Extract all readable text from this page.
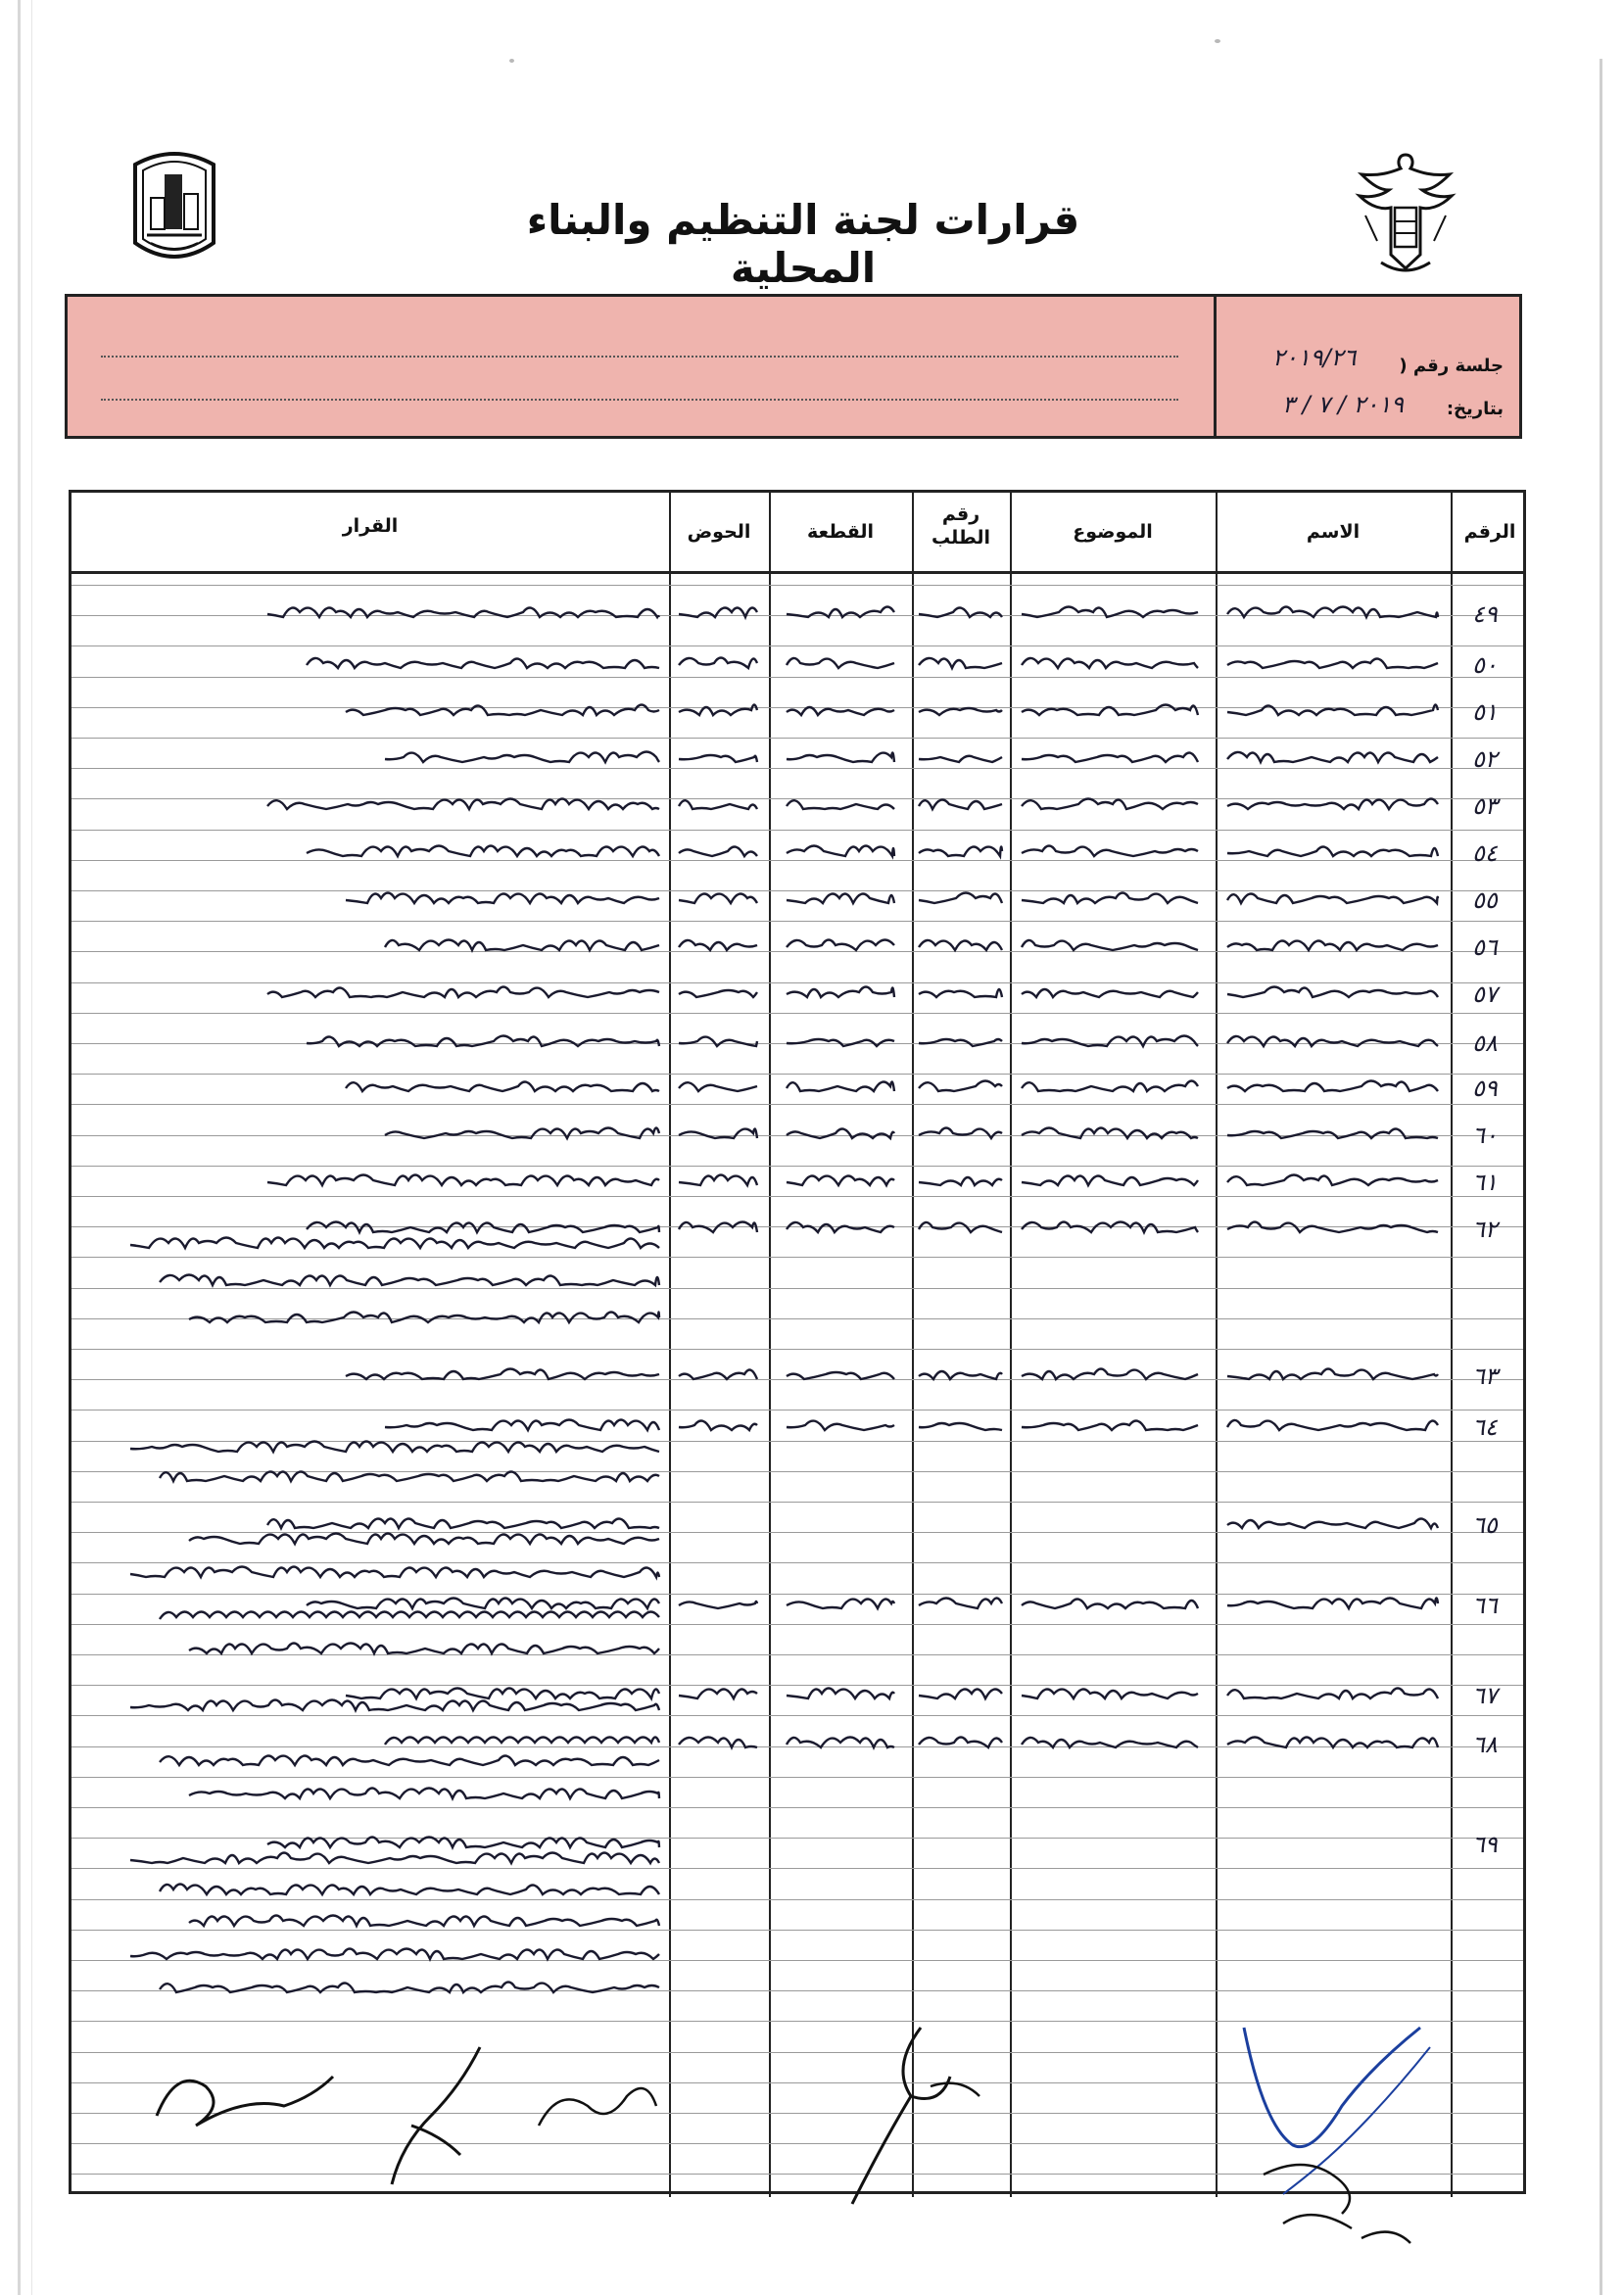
قرارات لجنة التنظيم والبناء المحلية
جلسة رقم (
بتاريخ:
٢٠١٩/٢٦
٢٠١٩ / ٧ / ٣
الرقم
الاسم
الموضوع
رقم
الطلب
القطعة
الحوض
القرار
٤٩
٥٠
٥١
٥٢
٥٣
٥٤
٥٥
٥٦
٥٧
٥٨
٥٩
٦٠
٦١
٦٢
٦٣
٦٤
٦٥
٦٦
٦٧
٦٨
٦٩
